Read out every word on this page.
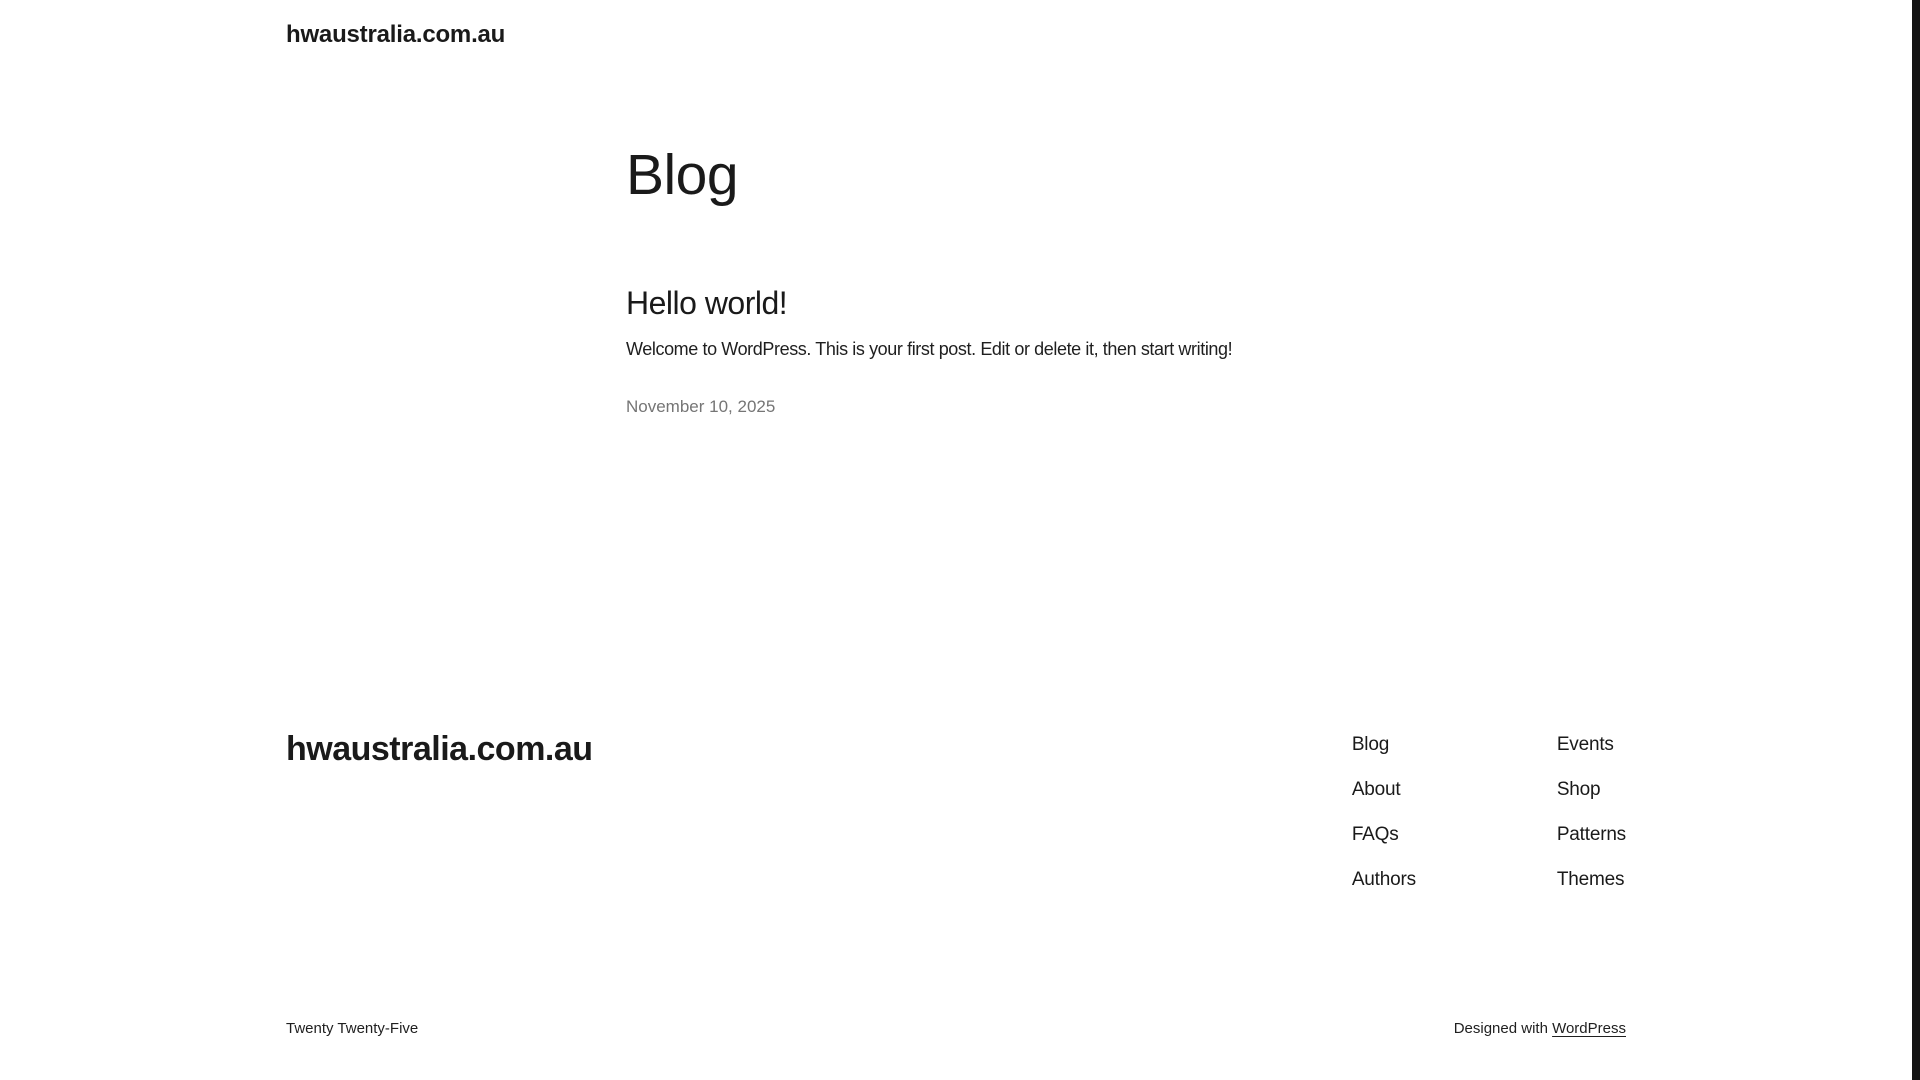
hwaustralia.com.au
Blog
Hello world!

Welcome to WordPress. This is your first post. Edit or delete it, then start writing!

November 10, 2025
hwaustralia.com.au	Blog
About
FAQs
Authors
Events
Shop
Patterns
Themes
Twenty Twenty-Five	Designed with WordPress
